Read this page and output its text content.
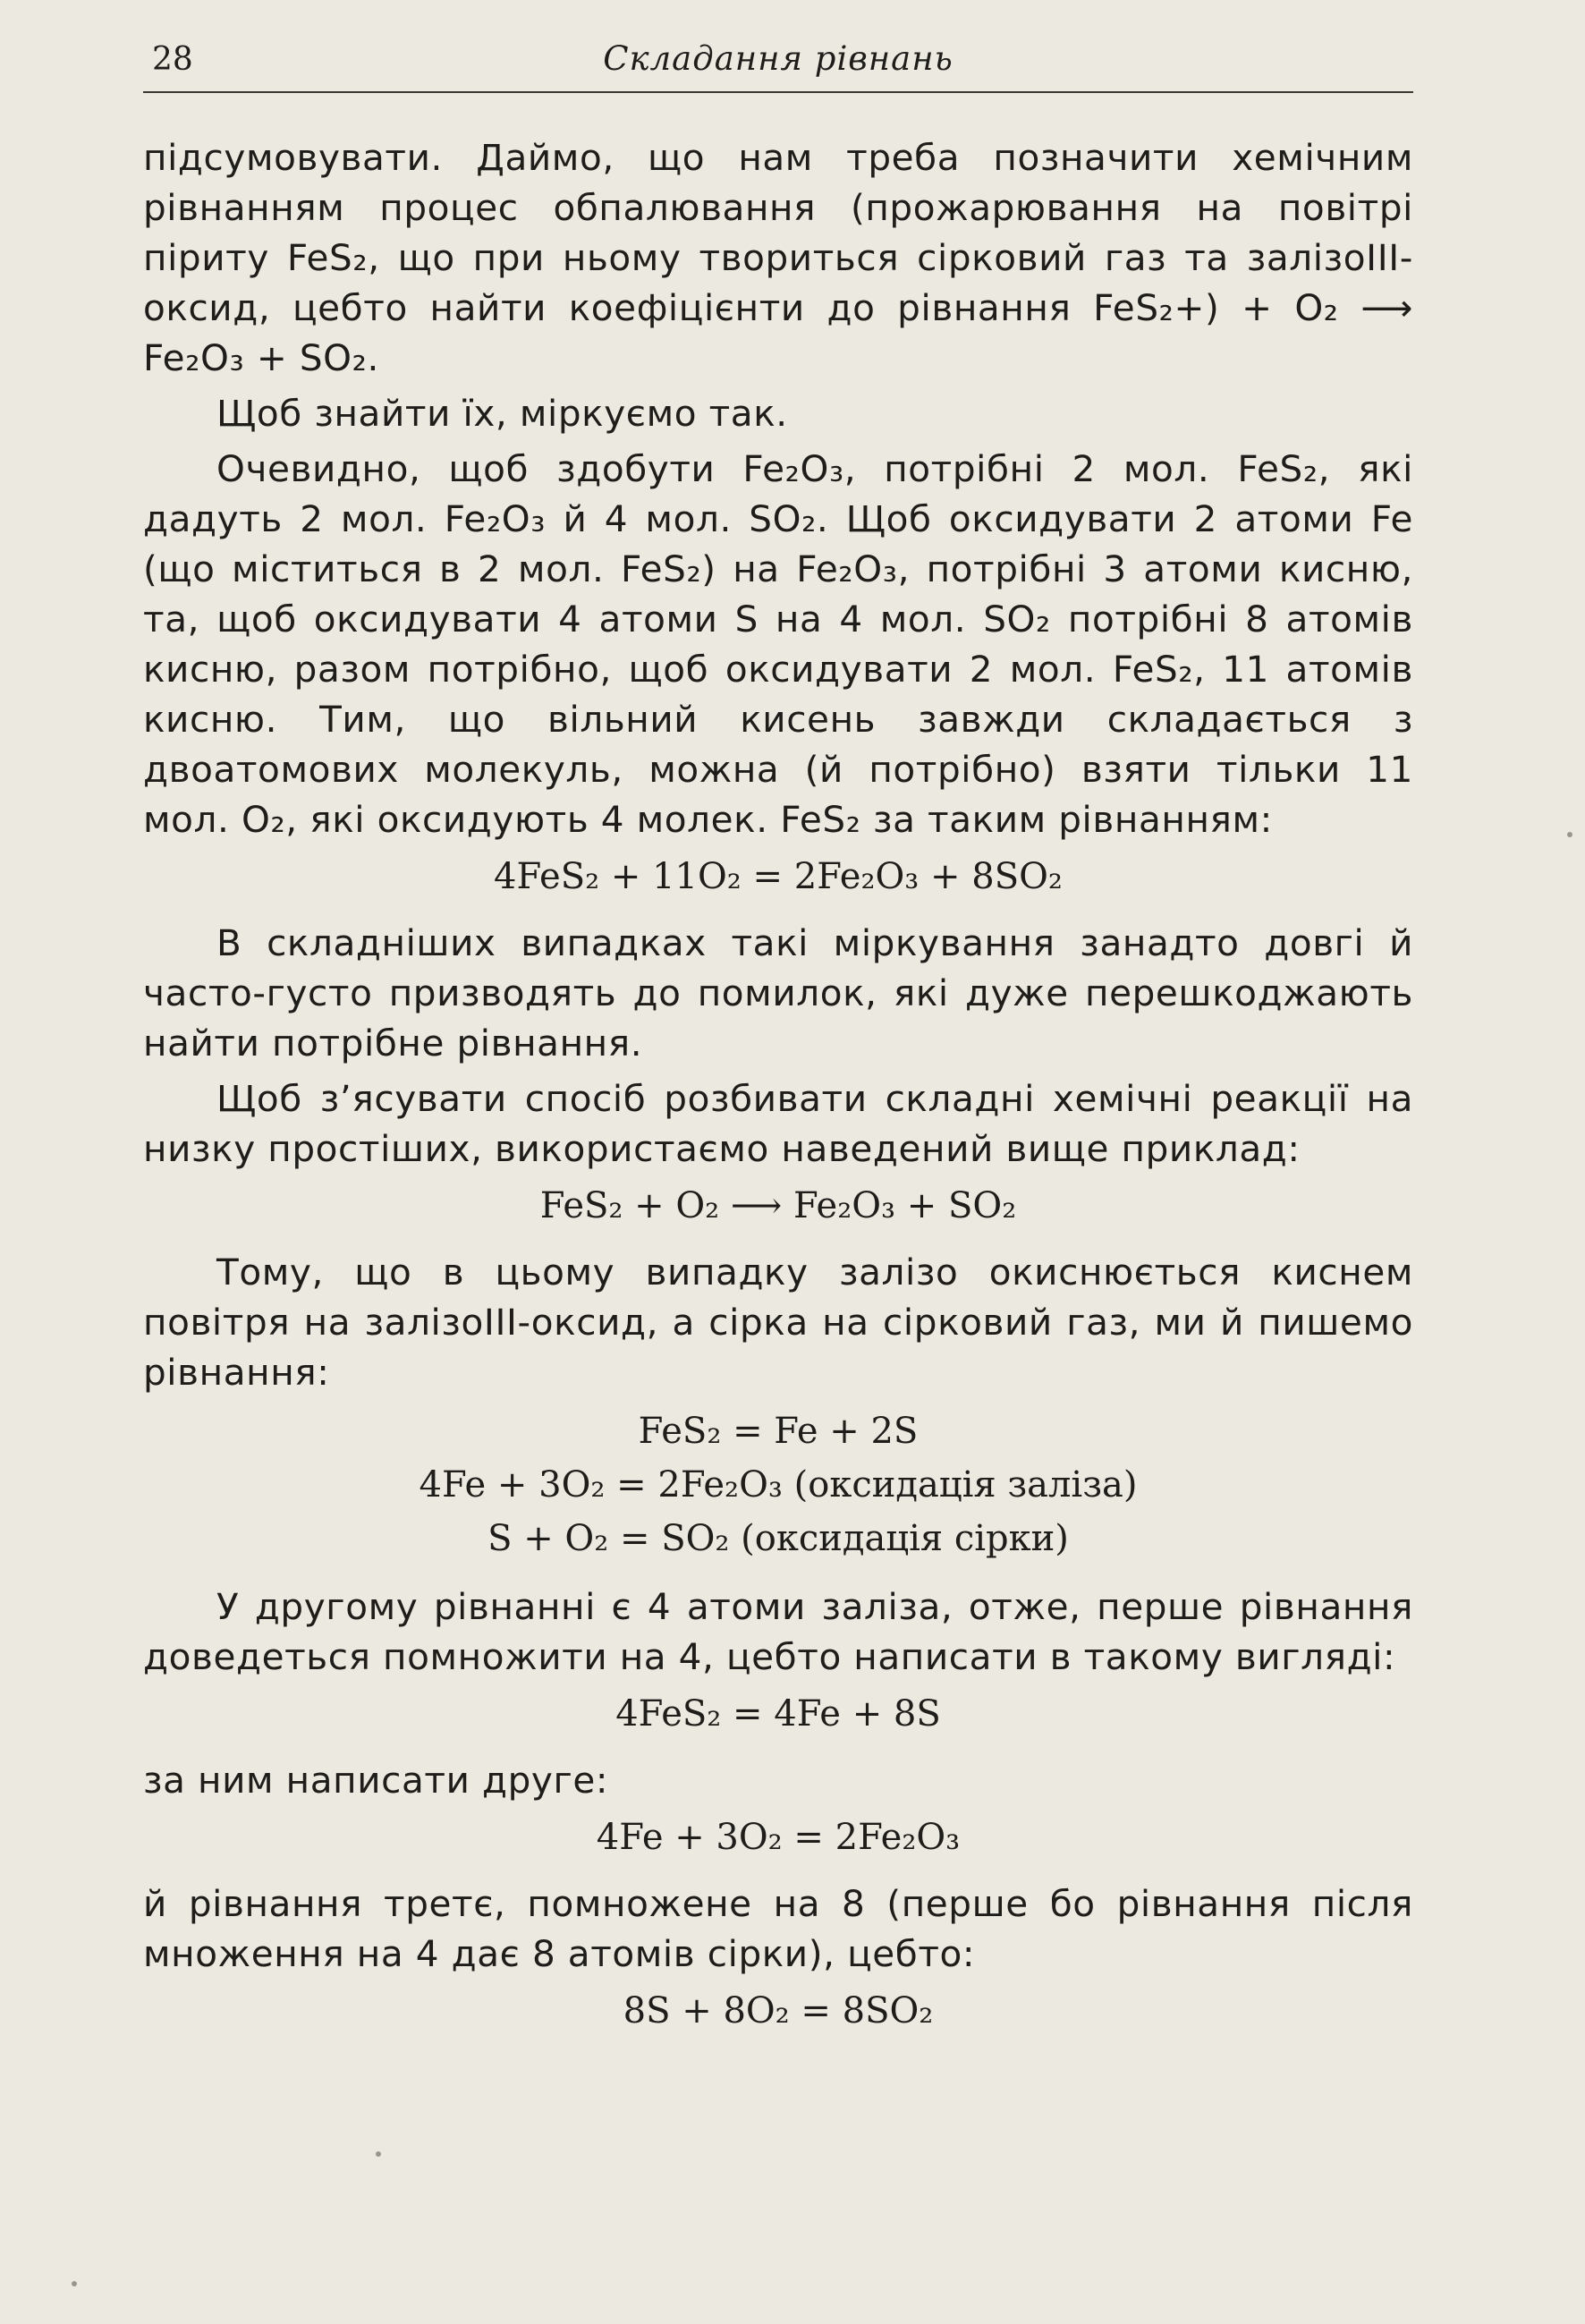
28	Складання рівнань

підсумовувати. Даймо, що нам треба позначити хемічним рівнанням процес обпалювання (прожарювання на повітрі піриту FeS₂, що при ньому твориться сірковий газ та залізоIII-оксид, цебто найти коефіцієнти до рівнання FeS₂+) + O₂ ⟶ Fe₂O₃ + SO₂.

Щоб знайти їх, міркуємо так.

Очевидно, щоб здобути Fe₂O₃, потрібні 2 мол. FeS₂, які дадуть 2 мол. Fe₂O₃ й 4 мол. SO₂. Щоб оксидувати 2 атоми Fe (що міститься в 2 мол. FeS₂) на Fe₂O₃, потрібні 3 атоми кисню, та, щоб оксидувати 4 атоми S на 4 мол. SO₂ потрібні 8 атомів кисню, разом потрібно, щоб оксидувати 2 мол. FeS₂, 11 атомів кисню. Тим, що вільний кисень завжди складається з двоатомових молекуль, можна (й потрібно) взяти тільки 11 мол. O₂, які оксидують 4 молек. FeS₂ за таким рівнанням:

4FeS₂ + 11O₂ = 2Fe₂O₃ + 8SO₂

В складніших випадках такі міркування занадто довгі й часто-густо призводять до помилок, які дуже перешкоджають найти потрібне рівнання.

Щоб з’ясувати спосіб розбивати складні хемічні реакції на низку простіших, використаємо наведений вище приклад:

FeS₂ + O₂ ⟶ Fe₂O₃ + SO₂

Тому, що в цьому випадку залізо окиснюється киснем повітря на залізоIII-оксид, а сірка на сірковий газ, ми й пишемо рівнання:

FeS₂ = Fe + 2S
4Fe + 3O₂ = 2Fe₂O₃ (оксидація заліза)
S + O₂ = SO₂ (оксидація сірки)

У другому рівнанні є 4 атоми заліза, отже, перше рівнання доведеться помножити на 4, цебто написати в такому вигляді:

4FeS₂ = 4Fe + 8S

за ним написати друге:

4Fe + 3O₂ = 2Fe₂O₃

й рівнання третє, помножене на 8 (перше бо рівнання після множення на 4 дає 8 атомів сірки), цебто:

8S + 8O₂ = 8SO₂
